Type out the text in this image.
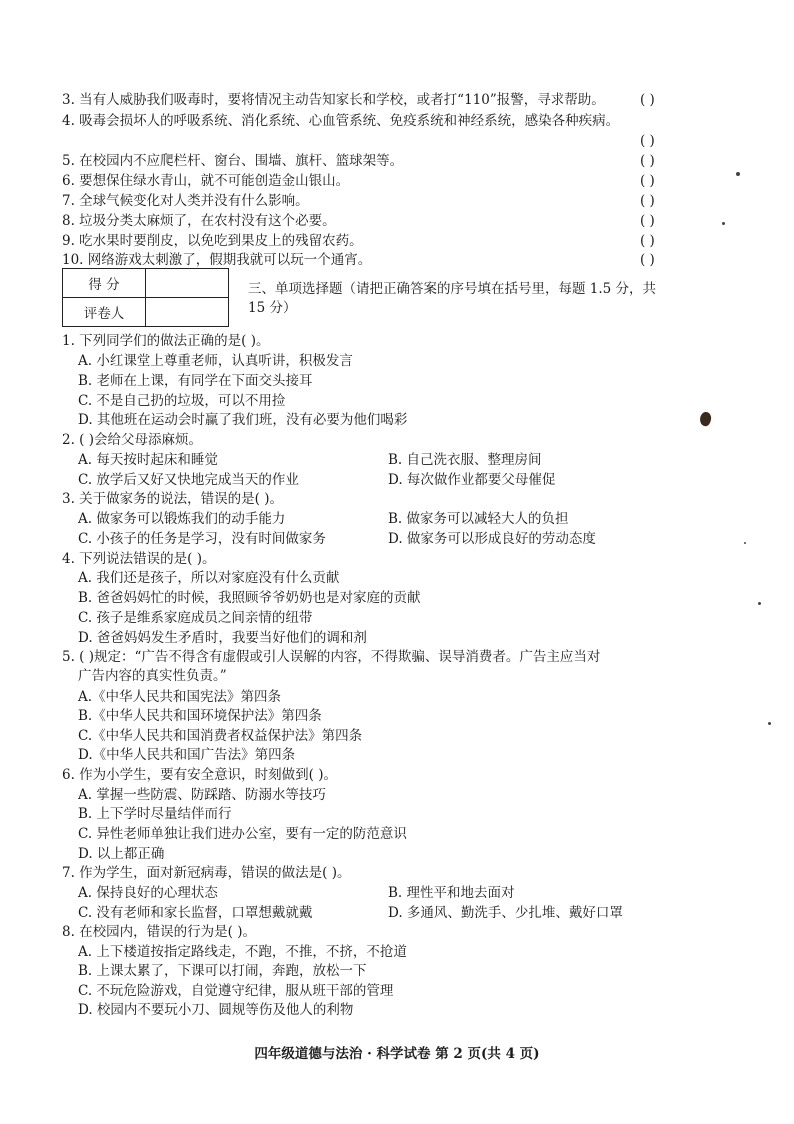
3. 当有人威胁我们吸毒时，要将情况主动告知家长和学校，或者打“110”报警，寻求帮助。	( )
4. 吸毒会损坏人的呼吸系统、消化系统、心血管系统、免疫系统和神经系统，感染各种疾病。
( )
5. 在校园内不应爬栏杆、窗台、围墙、旗杆、篮球架等。	( )
6. 要想保住绿水青山，就不可能创造金山银山。	( )
7. 全球气候变化对人类并没有什么影响。	( )
8. 垃圾分类太麻烦了，在农村没有这个必要。	( )
9. 吃水果时要削皮，以免吃到果皮上的残留农药。	( )
10. 网络游戏太刺激了，假期我就可以玩一个通宵。	( )
得 分	
评卷人	
三、单项选择题（请把正确答案的序号填在括号里，每题 1.5 分，共
15 分）
1. 下列同学们的做法正确的是( )。
A. 小红课堂上尊重老师，认真听讲，积极发言
B. 老师在上课，有同学在下面交头接耳
C. 不是自己扔的垃圾，可以不用捡
D. 其他班在运动会时赢了我们班，没有必要为他们喝彩
2. ( )会给父母添麻烦。
A. 每天按时起床和睡觉	B. 自己洗衣服、整理房间
C. 放学后又好又快地完成当天的作业	D. 每次做作业都要父母催促
3. 关于做家务的说法，错误的是( )。
A. 做家务可以锻炼我们的动手能力	B. 做家务可以减轻大人的负担
C. 小孩子的任务是学习，没有时间做家务	D. 做家务可以形成良好的劳动态度
4. 下列说法错误的是( )。
A. 我们还是孩子，所以对家庭没有什么贡献
B. 爸爸妈妈忙的时候，我照顾爷爷奶奶也是对家庭的贡献
C. 孩子是维系家庭成员之间亲情的纽带
D. 爸爸妈妈发生矛盾时，我要当好他们的调和剂
5. ( )规定：“广告不得含有虚假或引人误解的内容，不得欺骗、误导消费者。广告主应当对
广告内容的真实性负责。”
A.《中华人民共和国宪法》第四条
B.《中华人民共和国环境保护法》第四条
C.《中华人民共和国消费者权益保护法》第四条
D.《中华人民共和国广告法》第四条
6. 作为小学生，要有安全意识，时刻做到( )。
A. 掌握一些防震、防踩踏、防溺水等技巧
B. 上下学时尽量结伴而行
C. 异性老师单独让我们进办公室，要有一定的防范意识
D. 以上都正确
7. 作为学生，面对新冠病毒，错误的做法是( )。
A. 保持良好的心理状态	B. 理性平和地去面对
C. 没有老师和家长监督，口罩想戴就戴	D. 多通风、勤洗手、少扎堆、戴好口罩
8. 在校园内，错误的行为是( )。
A. 上下楼道按指定路线走，不跑，不推，不挤，不抢道
B. 上课太累了，下课可以打闹，奔跑，放松一下
C. 不玩危险游戏，自觉遵守纪律，服从班干部的管理
D. 校园内不要玩小刀、圆规等伤及他人的利物
四年级道德与法治 · 科学试卷 第 2 页(共 4 页)
